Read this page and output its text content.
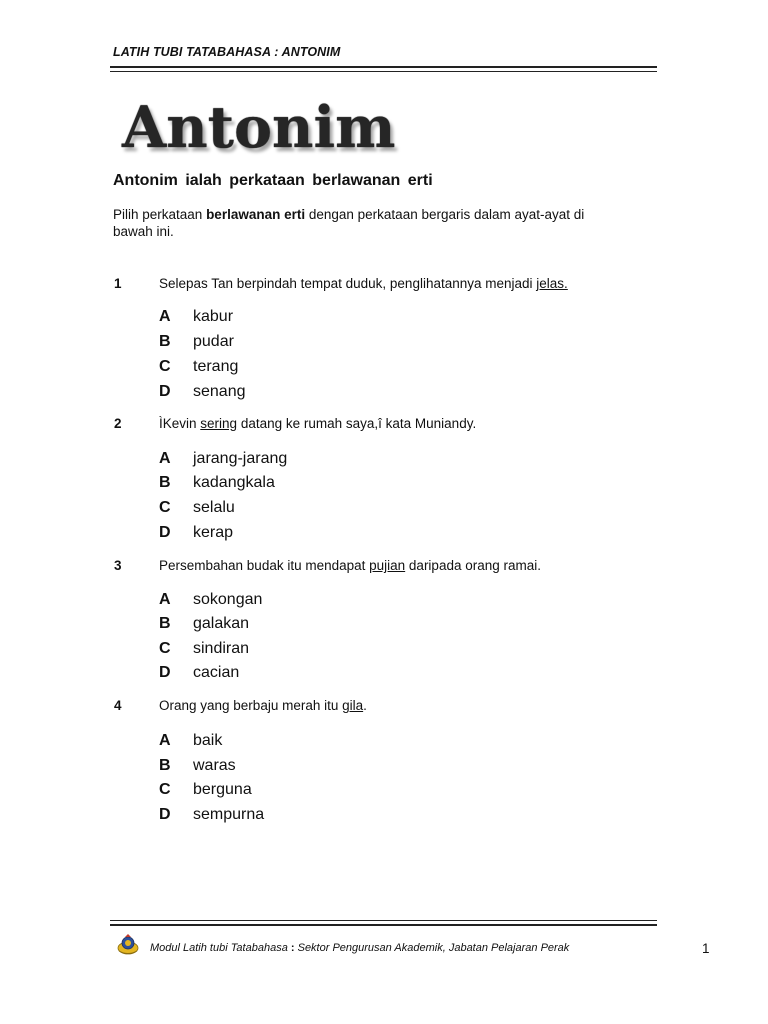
LATIH TUBI TATABAHASA : ANTONIM
Antonim
Antonim ialah perkataan berlawanan erti
Pilih perkataan berlawanan erti dengan perkataan bergaris dalam ayat-ayat di bawah ini.
1	Selepas Tan berpindah tempat duduk, penglihatannya menjadi jelas.
A kabur
B pudar
C terang
D senang
2	ÌKevin sering datang ke rumah saya,î kata Muniandy.
A jarang-jarang
B kadangkala
C selalu
D kerap
3	Persembahan budak itu mendapat pujian daripada orang ramai.
A sokongan
B galakan
C sindiran
D cacian
4	Orang yang berbaju merah itu gila.
A baik
B waras
C berguna
D sempurna
Modul Latih tubi Tatabahasa : Sektor Pengurusan Akademik, Jabatan Pelajaran Perak	1
